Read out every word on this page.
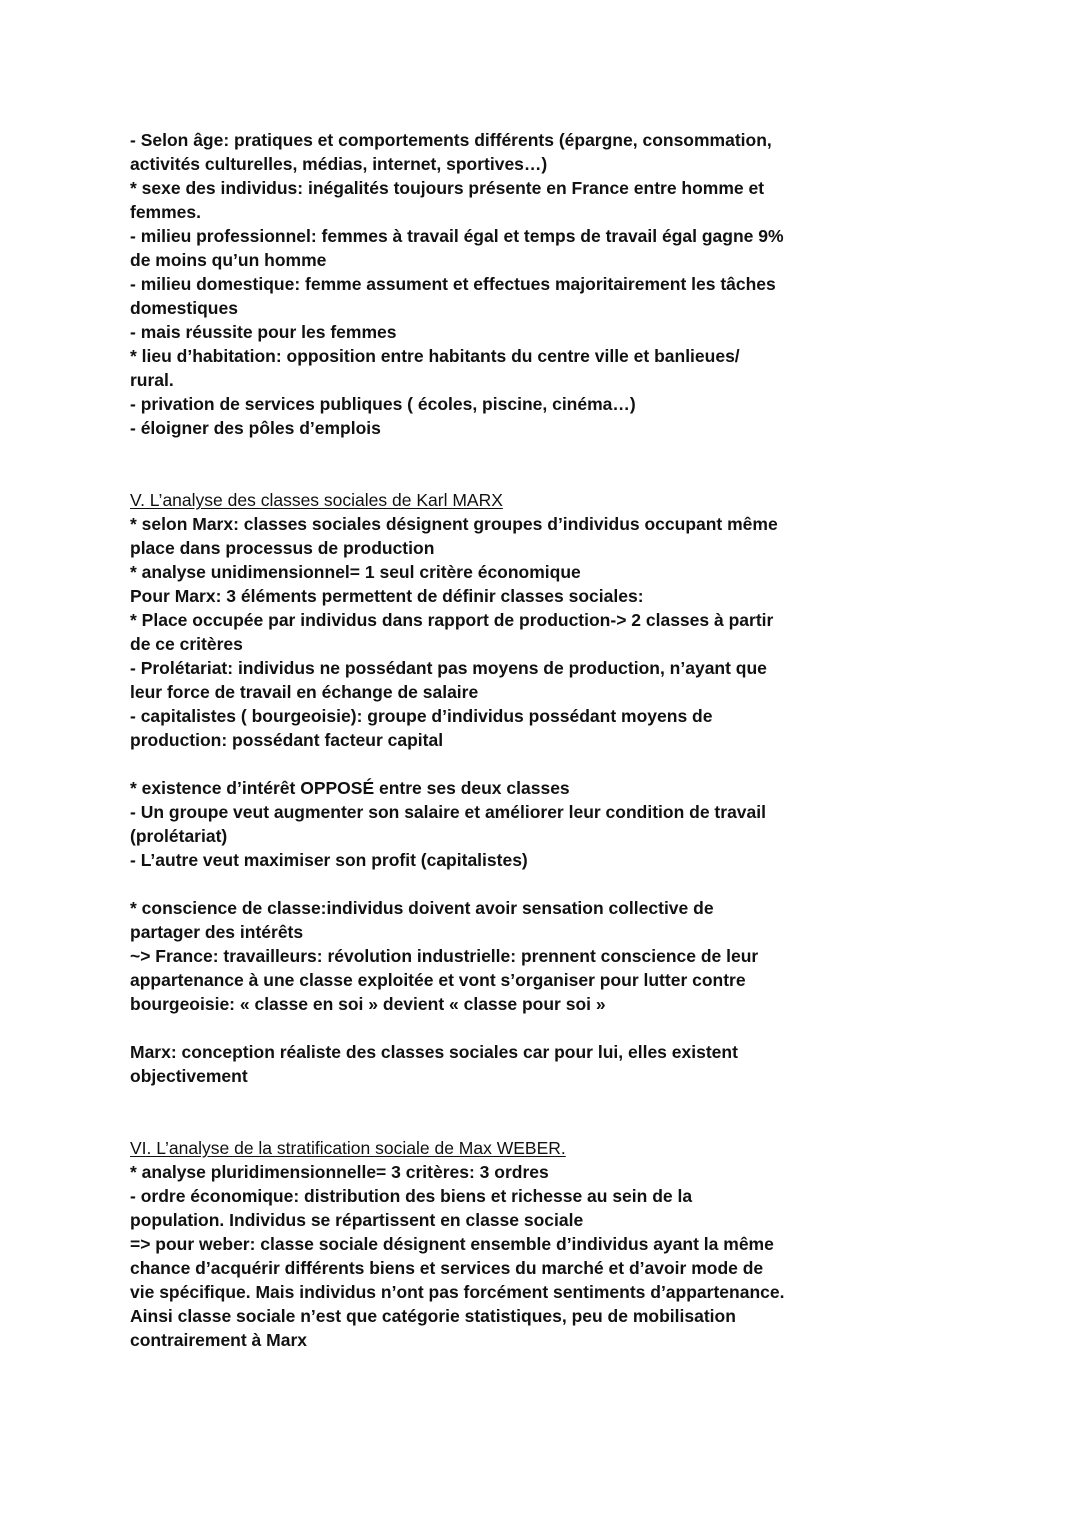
- Selon âge: pratiques et comportements différents (épargne, consommation,
activités culturelles, médias, internet, sportives…)
* sexe des individus: inégalités toujours présente en France entre homme et
femmes.
- milieu professionnel: femmes à travail égal et temps de travail égal gagne 9%
de moins qu’un homme
- milieu domestique: femme assument et effectues majoritairement les tâches
domestiques
- mais réussite pour les femmes
* lieu d’habitation: opposition entre habitants du centre ville et banlieues/
rural.
- privation de services publiques ( écoles, piscine, cinéma…)
- éloigner des pôles d’emplois
V. L’analyse des classes sociales de Karl MARX
* selon Marx: classes sociales désignent groupes d’individus occupant même
place dans processus de production
* analyse unidimensionnel= 1 seul critère économique
Pour Marx: 3 éléments permettent de définir classes sociales:
* Place occupée par individus dans rapport de production-> 2 classes à partir
de ce critères
- Prolétariat: individus ne possédant pas moyens de production, n’ayant que
leur force de travail en échange de salaire
- capitalistes ( bourgeoisie): groupe d’individus possédant moyens de
production: possédant facteur capital
* existence d’intérêt OPPOSÉ entre ses deux classes
- Un groupe veut augmenter son salaire et améliorer leur condition de travail
(prolétariat)
- L’autre veut maximiser son profit (capitalistes)
* conscience de classe:individus doivent avoir sensation collective de
partager des intérêts
~> France: travailleurs: révolution industrielle: prennent conscience de leur
appartenance à une classe exploitée et vont s’organiser pour lutter contre
bourgeoisie: « classe en soi » devient « classe pour soi »
Marx: conception réaliste des classes sociales car pour lui, elles existent
objectivement
VI. L’analyse de la stratification sociale de Max WEBER.
* analyse pluridimensionnelle= 3 critères: 3 ordres
- ordre économique: distribution des biens et richesse au sein de la
population. Individus se répartissent en classe sociale
=> pour weber: classe sociale désignent ensemble d’individus ayant la même
chance d’acquérir différents biens et services du marché et d’avoir mode de
vie spécifique. Mais individus n’ont pas forcément sentiments d’appartenance.
Ainsi classe sociale n’est que catégorie statistiques, peu de mobilisation
contrairement à Marx
